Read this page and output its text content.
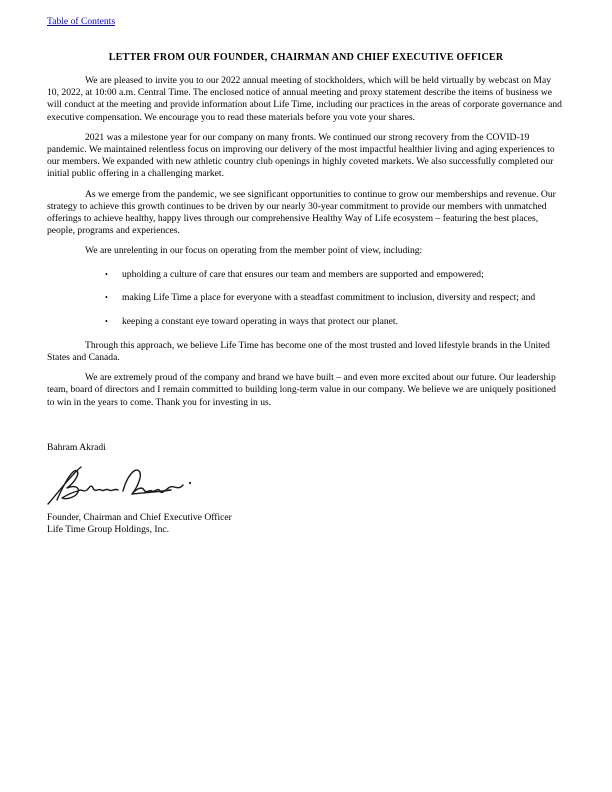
Table of Contents
LETTER FROM OUR FOUNDER, CHAIRMAN AND CHIEF EXECUTIVE OFFICER

We are pleased to invite you to our 2022 annual meeting of stockholders, which will be held virtually by webcast on May 10, 2022, at 10:00 a.m. Central Time. The enclosed notice of annual meeting and proxy statement describe the items of business we will conduct at the meeting and provide information about Life Time, including our practices in the areas of corporate governance and executive compensation. We encourage you to read these materials before you vote your shares.

2021 was a milestone year for our company on many fronts. We continued our strong recovery from the COVID-19 pandemic. We maintained relentless focus on improving our delivery of the most impactful healthier living and aging experiences to our members. We expanded with new athletic country club openings in highly coveted markets. We also successfully completed our initial public offering in a challenging market.

As we emerge from the pandemic, we see significant opportunities to continue to grow our memberships and revenue. Our strategy to achieve this growth continues to be driven by our nearly 30-year commitment to provide our members with unmatched offerings to achieve healthy, happy lives through our comprehensive Healthy Way of Life ecosystem – featuring the best places, people, programs and experiences.

We are unrelenting in our focus on operating from the member point of view, including:

•	upholding a culture of care that ensures our team and members are supported and empowered;
•	making Life Time a place for everyone with a steadfast commitment to inclusion, diversity and respect; and
•	keeping a constant eye toward operating in ways that protect our planet.

Through this approach, we believe Life Time has become one of the most trusted and loved lifestyle brands in the United States and Canada.

We are extremely proud of the company and brand we have built – and even more excited about our future. Our leadership team, board of directors and I remain committed to building long-term value in our company. We believe we are uniquely positioned to win in the years to come. Thank you for investing in us.

Bahram Akradi
Founder, Chairman and Chief Executive Officer
Life Time Group Holdings, Inc.
